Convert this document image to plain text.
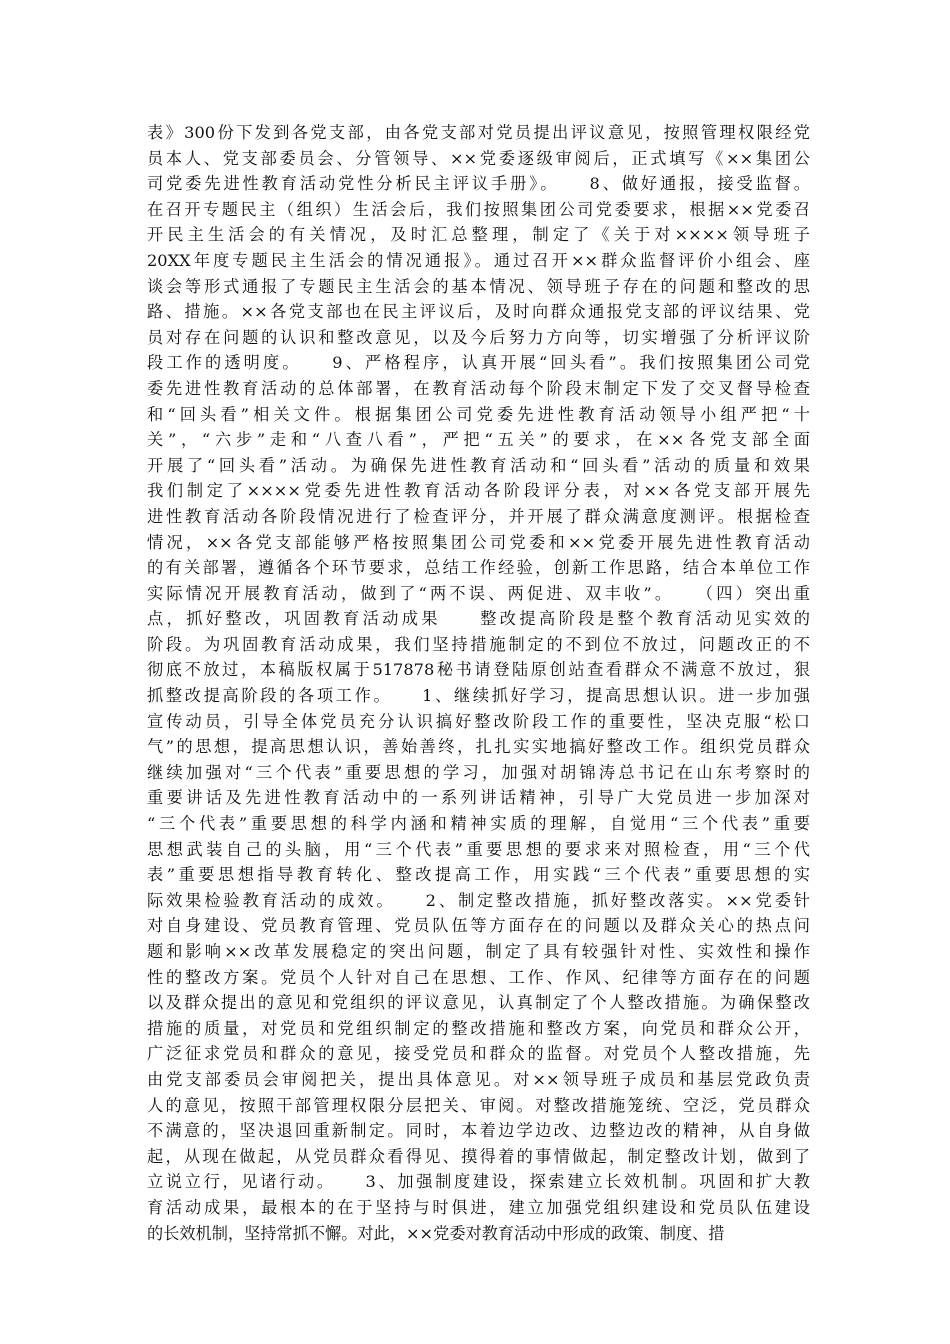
表》300份下发到各党支部，由各党支部对党员提出评议意见，按照管理权限经党
员本人、党支部委员会、分管领导、××党委逐级审阅后，正式填写《××集团公
司党委先进性教育活动党性分析民主评议手册》。　　8、做好通报，接受监督。
在召开专题民主（组织）生活会后，我们按照集团公司党委要求，根据××党委召
开民主生活会的有关情况，及时汇总整理，制定了《关于对××××领导班子
20XX年度专题民主生活会的情况通报》。通过召开××群众监督评价小组会、座
谈会等形式通报了专题民主生活会的基本情况、领导班子存在的问题和整改的思
路、措施。××各党支部也在民主评议后，及时向群众通报党支部的评议结果、党
员对存在问题的认识和整改意见，以及今后努力方向等，切实增强了分析评议阶
段工作的透明度。　　9、严格程序，认真开展“回头看”。我们按照集团公司党
委先进性教育活动的总体部署，在教育活动每个阶段末制定下发了交叉督导检查
和“回头看”相关文件。根据集团公司党委先进性教育活动领导小组严把“十
关”，“六步”走和“八查八看”，严把“五关”的要求，在××各党支部全面
开展了“回头看”活动。为确保先进性教育活动和“回头看”活动的质量和效果
我们制定了××××党委先进性教育活动各阶段评分表，对××各党支部开展先
进性教育活动各阶段情况进行了检查评分，并开展了群众满意度测评。根据检查
情况，××各党支部能够严格按照集团公司党委和××党委开展先进性教育活动
的有关部署，遵循各个环节要求，总结工作经验，创新工作思路，结合本单位工作
实际情况开展教育活动，做到了“两不误、两促进、双丰收”。　　（四）突出重
点，抓好整改，巩固教育活动成果　　整改提高阶段是整个教育活动见实效的
阶段。为巩固教育活动成果，我们坚持措施制定的不到位不放过，问题改正的不
彻底不放过，本稿版权属于517878秘书请登陆原创站查看群众不满意不放过，狠
抓整改提高阶段的各项工作。　　1、继续抓好学习，提高思想认识。进一步加强
宣传动员，引导全体党员充分认识搞好整改阶段工作的重要性，坚决克服“松口
气”的思想，提高思想认识，善始善终，扎扎实实地搞好整改工作。组织党员群众
继续加强对“三个代表”重要思想的学习，加强对胡锦涛总书记在山东考察时的
重要讲话及先进性教育活动中的一系列讲话精神，引导广大党员进一步加深对
“三个代表”重要思想的科学内涵和精神实质的理解，自觉用“三个代表”重要
思想武装自己的头脑，用“三个代表”重要思想的要求来对照检查，用“三个代
表”重要思想指导教育转化、整改提高工作，用实践“三个代表”重要思想的实
际效果检验教育活动的成效。　　2、制定整改措施，抓好整改落实。××党委针
对自身建设、党员教育管理、党员队伍等方面存在的问题以及群众关心的热点问
题和影响××改革发展稳定的突出问题，制定了具有较强针对性、实效性和操作
性的整改方案。党员个人针对自己在思想、工作、作风、纪律等方面存在的问题
以及群众提出的意见和党组织的评议意见，认真制定了个人整改措施。为确保整改
措施的质量，对党员和党组织制定的整改措施和整改方案，向党员和群众公开，
广泛征求党员和群众的意见，接受党员和群众的监督。对党员个人整改措施，先
由党支部委员会审阅把关，提出具体意见。对××领导班子成员和基层党政负责
人的意见，按照干部管理权限分层把关、审阅。对整改措施笼统、空泛，党员群众
不满意的，坚决退回重新制定。同时，本着边学边改、边整边改的精神，从自身做
起，从现在做起，从党员群众看得见、摸得着的事情做起，制定整改计划，做到了
立说立行，见诸行动。　　3、加强制度建设，探索建立长效机制。巩固和扩大教
育活动成果，最根本的在于坚持与时俱进，建立加强党组织建设和党员队伍建设
的长效机制，坚持常抓不懈。对此，××党委对教育活动中形成的政策、制度、措
